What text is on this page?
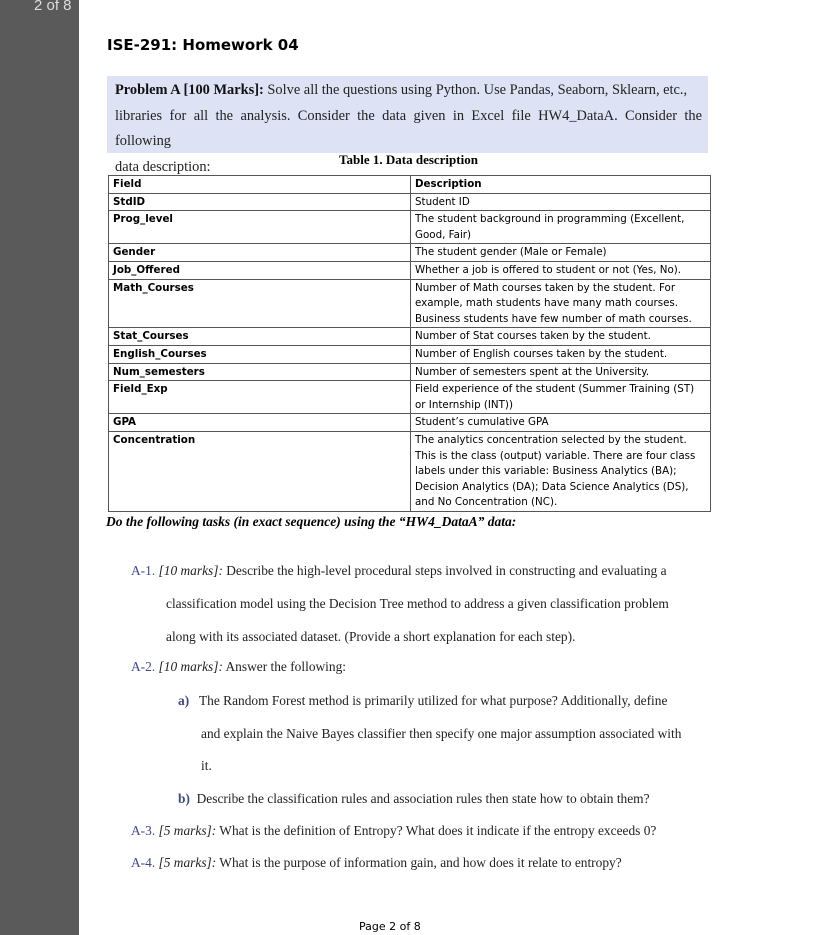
2 of 8
ISE-291: Homework 04
Problem A [100 Marks]: Solve all the questions using Python. Use Pandas, Seaborn, Sklearn, etc.,
libraries for all the analysis. Consider the data given in Excel file HW4_DataA. Consider the following
data description:	Table 1. Data description
Field	Description
StdID	Student ID
Prog_level	The student background in programming (Excellent, Good, Fair)
Gender	The student gender (Male or Female)
Job_Offered	Whether a job is offered to student or not (Yes, No).
Math_Courses	Number of Math courses taken by the student. For example, math students have many math courses. Business students have few number of math courses.
Stat_Courses	Number of Stat courses taken by the student.
English_Courses	Number of English courses taken by the student.
Num_semesters	Number of semesters spent at the University.
Field_Exp	Field experience of the student (Summer Training (ST) or Internship (INT))
GPA	Student’s cumulative GPA
Concentration	The analytics concentration selected by the student. This is the class (output) variable. There are four class labels under this variable: Business Analytics (BA); Decision Analytics (DA); Data Science Analytics (DS), and No Concentration (NC).
Do the following tasks (in exact sequence) using the “HW4_DataA” data:
A-1. [10 marks]: Describe the high-level procedural steps involved in constructing and evaluating a
classification model using the Decision Tree method to address a given classification problem
along with its associated dataset. (Provide a short explanation for each step).
A-2. [10 marks]: Answer the following:
a) The Random Forest method is primarily utilized for what purpose? Additionally, define
and explain the Naive Bayes classifier then specify one major assumption associated with
it.
b) Describe the classification rules and association rules then state how to obtain them?
A-3. [5 marks]: What is the definition of Entropy? What does it indicate if the entropy exceeds 0?
A-4. [5 marks]: What is the purpose of information gain, and how does it relate to entropy?
Page 2 of 8
